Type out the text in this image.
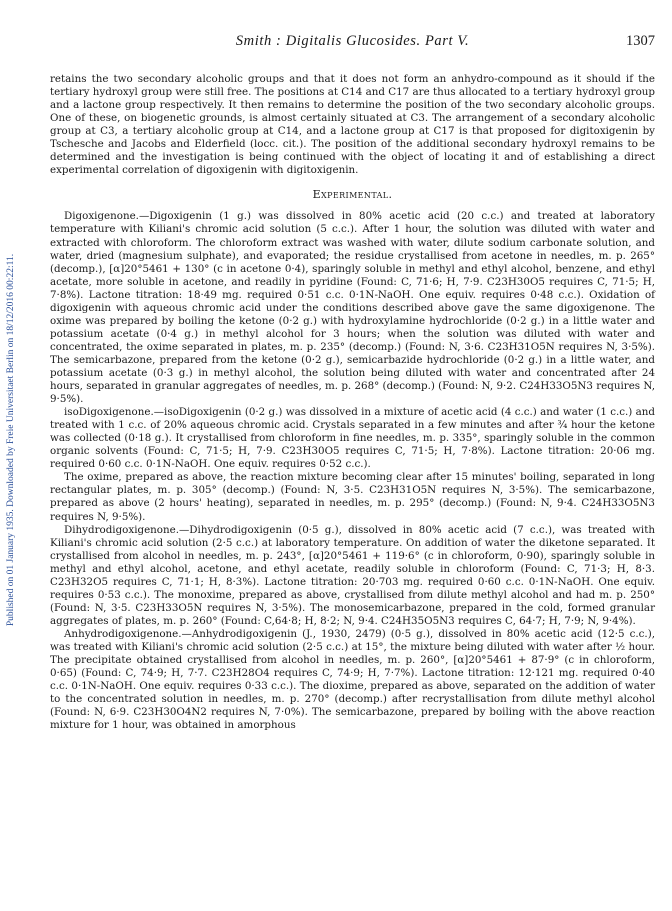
Published on 01 January 1935. Downloaded by Freie Universitaet Berlin on 18/12/2016 00:22:11.
Smith : Digitalis Glucosides. Part V.	1307

retains the two secondary alcoholic groups and that it does not form an anhydro-compound as it should if the tertiary hydroxyl group were still free. The positions at C14 and C17 are thus allocated to a tertiary hydroxyl group and a lactone group respectively. It then remains to determine the position of the two secondary alcoholic groups. One of these, on biogenetic grounds, is almost certainly situated at C3. The arrangement of a secondary alcoholic group at C3, a tertiary alcoholic group at C14, and a lactone group at C17 is that proposed for digitoxigenin by Tschesche and Jacobs and Elderfield (locc. cit.). The position of the additional secondary hydroxyl remains to be determined and the investigation is being continued with the object of locating it and of establishing a direct experimental correlation of digoxigenin with digitoxigenin.

Experimental.

Digoxigenone.—Digoxigenin (1 g.) was dissolved in 80% acetic acid (20 c.c.) and treated at laboratory temperature with Kiliani's chromic acid solution (5 c.c.). After 1 hour, the solution was diluted with water and extracted with chloroform. The chloroform extract was washed with water, dilute sodium carbonate solution, and water, dried (magnesium sulphate), and evaporated; the residue crystallised from acetone in needles, m. p. 265° (decomp.), [α]20°5461 + 130° (c in acetone 0·4), sparingly soluble in methyl and ethyl alcohol, benzene, and ethyl acetate, more soluble in acetone, and readily in pyridine (Found: C, 71·6; H, 7·9. C23H30O5 requires C, 71·5; H, 7·8%). Lactone titration: 18·49 mg. required 0·51 c.c. 0·1N-NaOH. One equiv. requires 0·48 c.c.). Oxidation of digoxigenin with aqueous chromic acid under the conditions described above gave the same digoxigenone. The oxime was prepared by boiling the ketone (0·2 g.) with hydroxylamine hydrochloride (0·2 g.) in a little water and potassium acetate (0·4 g.) in methyl alcohol for 3 hours; when the solution was diluted with water and concentrated, the oxime separated in plates, m. p. 235° (decomp.) (Found: N, 3·6. C23H31O5N requires N, 3·5%). The semicarbazone, prepared from the ketone (0·2 g.), semicarbazide hydrochloride (0·2 g.) in a little water, and potassium acetate (0·3 g.) in methyl alcohol, the solution being diluted with water and concentrated after 24 hours, separated in granular aggregates of needles, m. p. 268° (decomp.) (Found: N, 9·2. C24H33O5N3 requires N, 9·5%).

isoDigoxigenone.—isoDigoxigenin (0·2 g.) was dissolved in a mixture of acetic acid (4 c.c.) and water (1 c.c.) and treated with 1 c.c. of 20% aqueous chromic acid. Crystals separated in a few minutes and after ¾ hour the ketone was collected (0·18 g.). It crystallised from chloroform in fine needles, m. p. 335°, sparingly soluble in the common organic solvents (Found: C, 71·5; H, 7·9. C23H30O5 requires C, 71·5; H, 7·8%). Lactone titration: 20·06 mg. required 0·60 c.c. 0·1N-NaOH. One equiv. requires 0·52 c.c.).

The oxime, prepared as above, the reaction mixture becoming clear after 15 minutes' boiling, separated in long rectangular plates, m. p. 305° (decomp.) (Found: N, 3·5. C23H31O5N requires N, 3·5%). The semicarbazone, prepared as above (2 hours' heating), separated in needles, m. p. 295° (decomp.) (Found: N, 9·4. C24H33O5N3 requires N, 9·5%).

Dihydrodigoxigenone.—Dihydrodigoxigenin (0·5 g.), dissolved in 80% acetic acid (7 c.c.), was treated with Kiliani's chromic acid solution (2·5 c.c.) at laboratory temperature. On addition of water the diketone separated. It crystallised from alcohol in needles, m. p. 243°, [α]20°5461 + 119·6° (c in chloroform, 0·90), sparingly soluble in methyl and ethyl alcohol, acetone, and ethyl acetate, readily soluble in chloroform (Found: C, 71·3; H, 8·3. C23H32O5 requires C, 71·1; H, 8·3%). Lactone titration: 20·703 mg. required 0·60 c.c. 0·1N-NaOH. One equiv. requires 0·53 c.c.). The monoxime, prepared as above, crystallised from dilute methyl alcohol and had m. p. 250° (Found: N, 3·5. C23H33O5N requires N, 3·5%). The monosemicarbazone, prepared in the cold, formed granular aggregates of plates, m. p. 260° (Found: C,64·8; H, 8·2; N, 9·4. C24H35O5N3 requires C, 64·7; H, 7·9; N, 9·4%).

Anhydrodigoxigenone.—Anhydrodigoxigenin (J., 1930, 2479) (0·5 g.), dissolved in 80% acetic acid (12·5 c.c.), was treated with Kiliani's chromic acid solution (2·5 c.c.) at 15°, the mixture being diluted with water after ½ hour. The precipitate obtained crystallised from alcohol in needles, m. p. 260°, [α]20°5461 + 87·9° (c in chloroform, 0·65) (Found: C, 74·9; H, 7·7. C23H28O4 requires C, 74·9; H, 7·7%). Lactone titration: 12·121 mg. required 0·40 c.c. 0·1N-NaOH. One equiv. requires 0·33 c.c.). The dioxime, prepared as above, separated on the addition of water to the concentrated solution in needles, m. p. 270° (decomp.) after recrystallisation from dilute methyl alcohol (Found: N, 6·9. C23H30O4N2 requires N, 7·0%). The semicarbazone, prepared by boiling with the above reaction mixture for 1 hour, was obtained in amorphous
